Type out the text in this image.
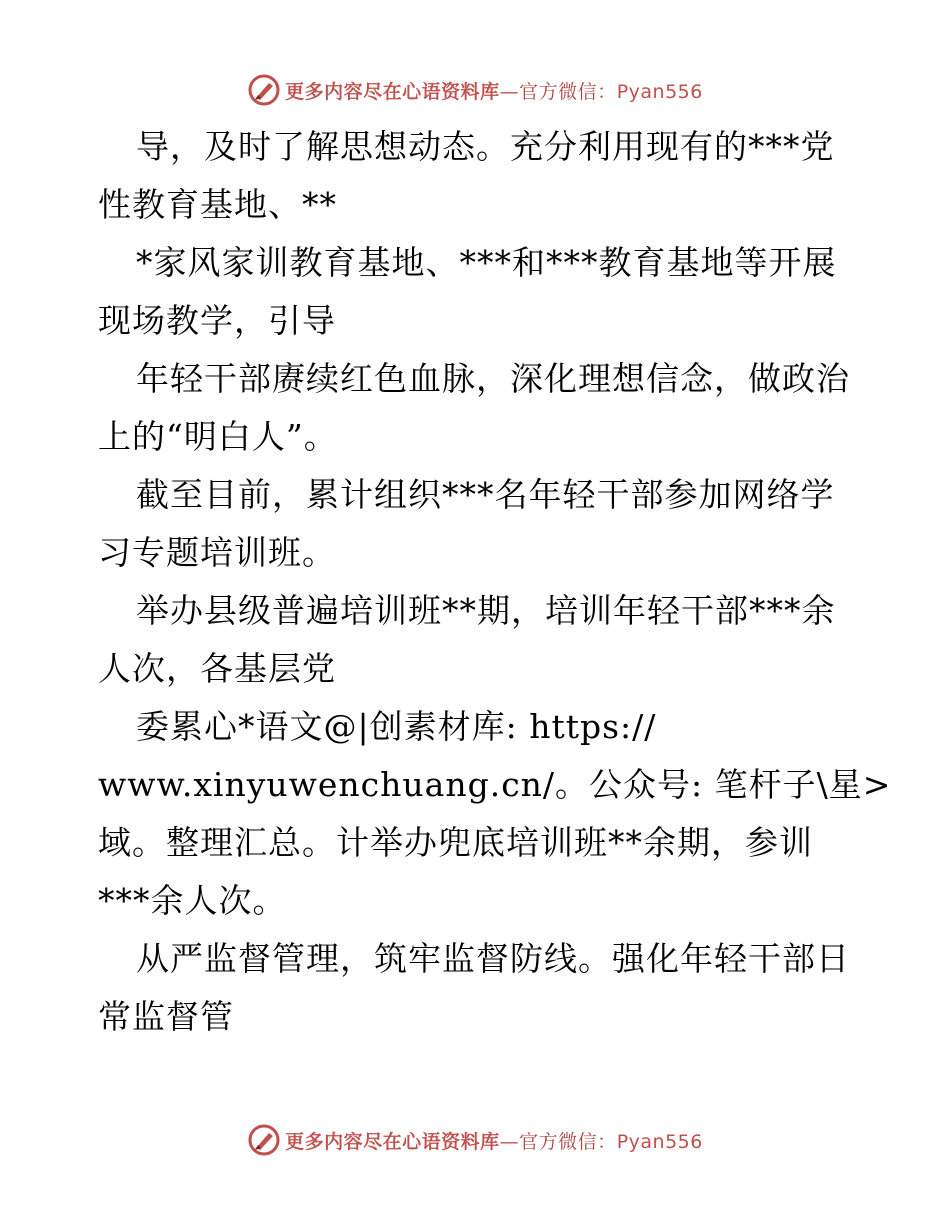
更多内容尽在心语资料库—官方微信：Pyan556
导，及时了解思想动态。充分利用现有的***党
性教育基地、**
*家风家训教育基地、***和***教育基地等开展
现场教学，引导
年轻干部赓续红色血脉，深化理想信念，做政治
上的“明白人”。
截至目前，累计组织***名年轻干部参加网络学
习专题培训班。
举办县级普遍培训班**期，培训年轻干部***余
人次，各基层党
委累心*语文@|创素材库: https://
www.xinyuwenchuang.cn/。公众号: 笔杆子\星>
域。整理汇总。计举办兜底培训班**余期，参训
***余人次。
从严监督管理，筑牢监督防线。强化年轻干部日
常监督管
更多内容尽在心语资料库—官方微信：Pyan556
